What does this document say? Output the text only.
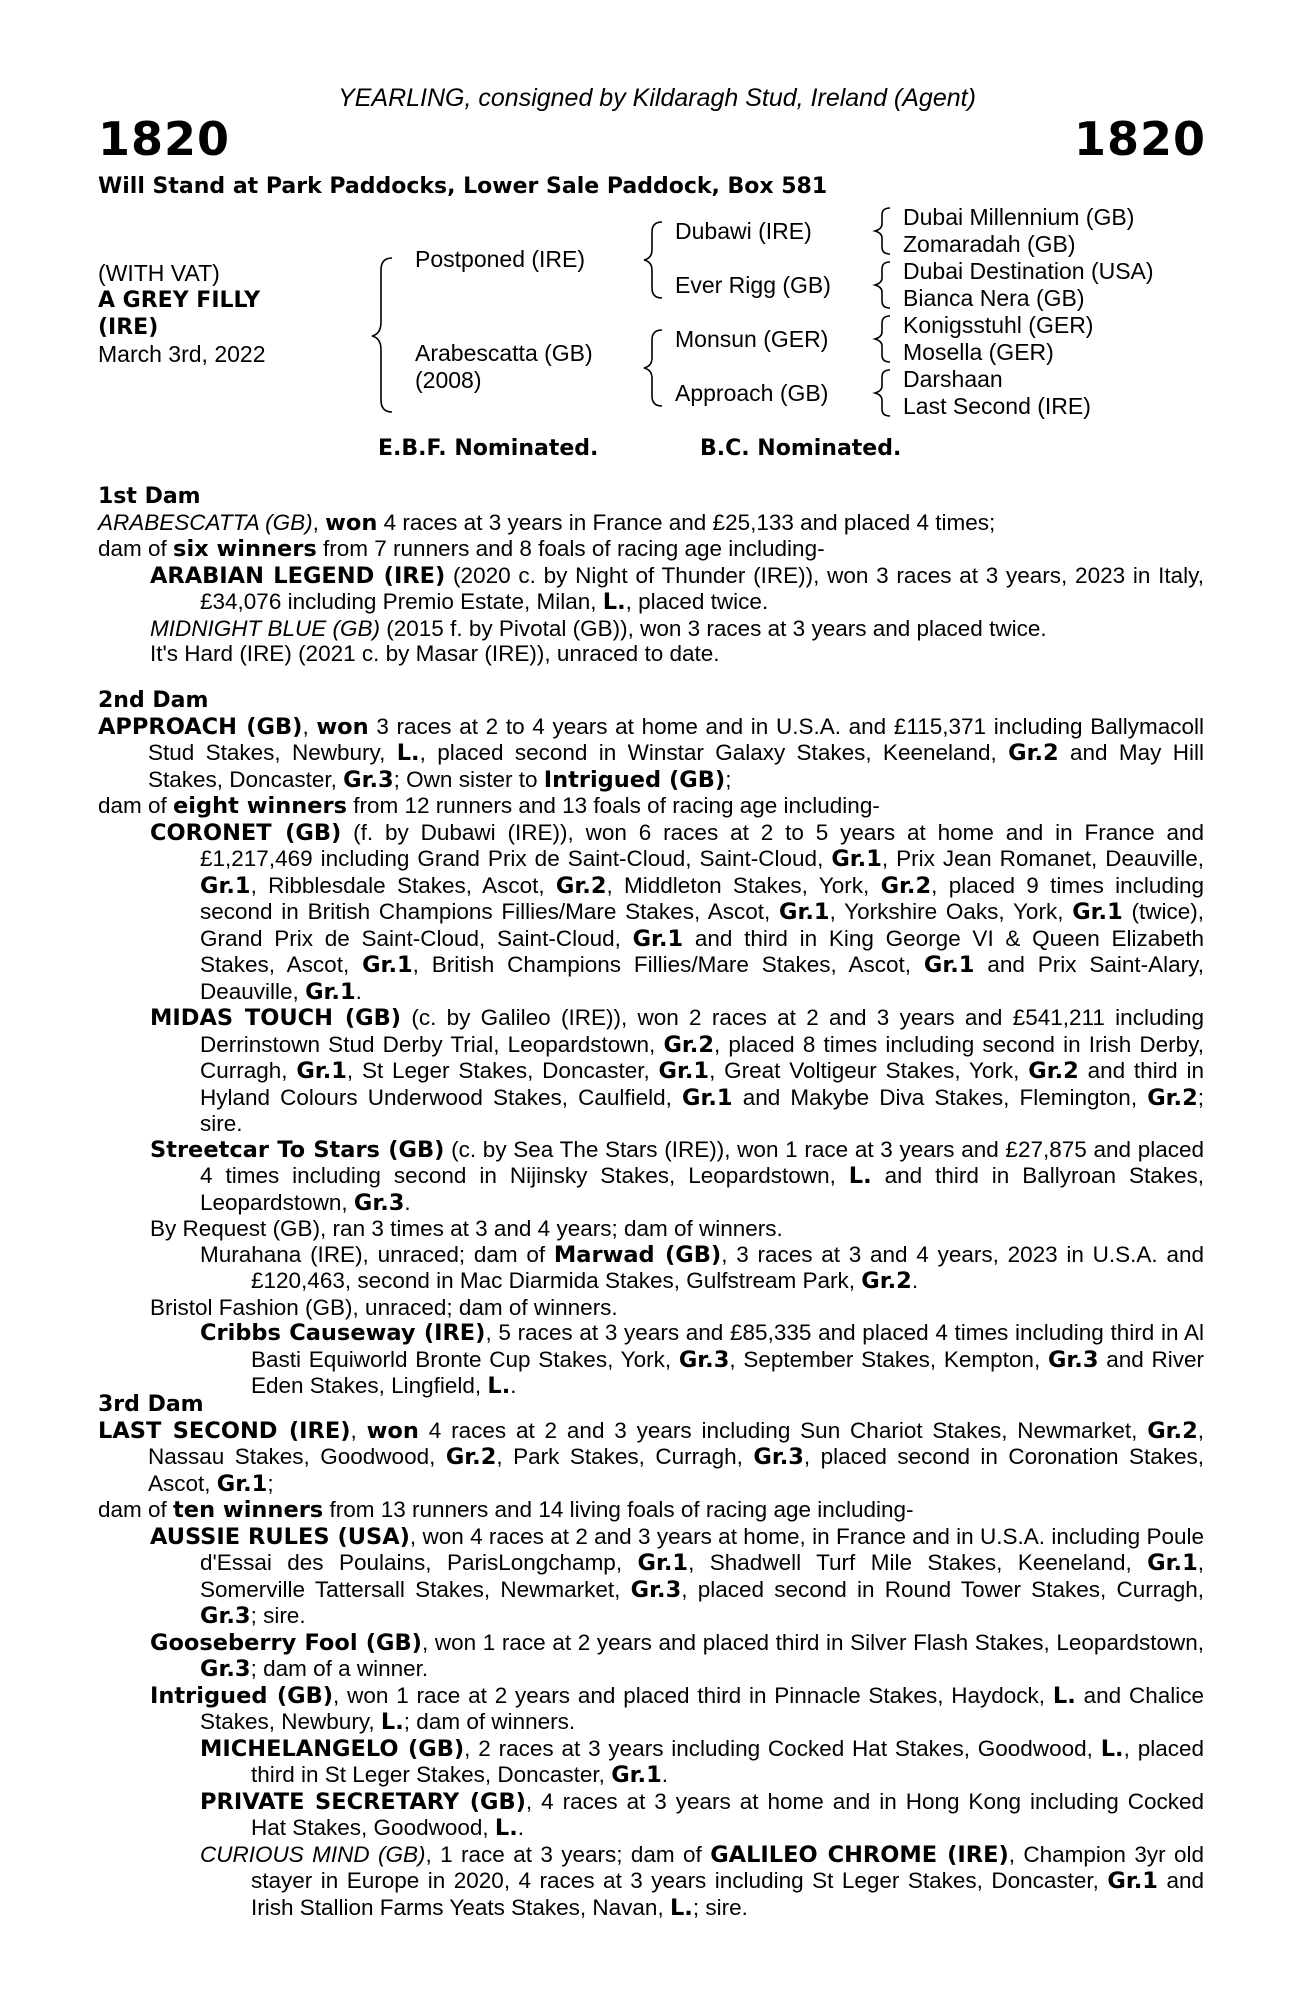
YEARLING, consigned by Kildaragh Stud, Ireland (Agent)
1820	1820
Will Stand at Park Paddocks, Lower Sale Paddock, Box 581
(WITH VAT)
A GREY FILLY
(IRE)
March 3rd, 2022
Postponed (IRE)
Arabescatta (GB)
(2008)
Dubawi (IRE)
Ever Rigg (GB)
Monsun (GER)
Approach (GB)
Dubai Millennium (GB)
Zomaradah (GB)
Dubai Destination (USA)
Bianca Nera (GB)
Konigsstuhl (GER)
Mosella (GER)
Darshaan
Last Second (IRE)
E.B.F. Nominated.	B.C. Nominated.

1st Dam

ARABESCATTA (GB), won 4 races at 3 years in France and £25,133 and placed 4 times;

dam of six winners from 7 runners and 8 foals of racing age including-

ARABIAN LEGEND (IRE) (2020 c. by Night of Thunder (IRE)), won 3 races at 3 years, 2023 in Italy, £34,076 including Premio Estate, Milan, L., placed twice.

MIDNIGHT BLUE (GB) (2015 f. by Pivotal (GB)), won 3 races at 3 years and placed twice.

It's Hard (IRE) (2021 c. by Masar (IRE)), unraced to date.

2nd Dam

APPROACH (GB), won 3 races at 2 to 4 years at home and in U.S.A. and £115,371 including Ballymacoll Stud Stakes, Newbury, L., placed second in Winstar Galaxy Stakes, Keeneland, Gr.2 and May Hill Stakes, Doncaster, Gr.3; Own sister to Intrigued (GB);

dam of eight winners from 12 runners and 13 foals of racing age including-

CORONET (GB) (f. by Dubawi (IRE)), won 6 races at 2 to 5 years at home and in France and £1,217,469 including Grand Prix de Saint-Cloud, Saint-Cloud, Gr.1, Prix Jean Romanet, Deauville, Gr.1, Ribblesdale Stakes, Ascot, Gr.2, Middleton Stakes, York, Gr.2, placed 9 times including second in British Champions Fillies/Mare Stakes, Ascot, Gr.1, Yorkshire Oaks, York, Gr.1 (twice), Grand Prix de Saint-Cloud, Saint-Cloud, Gr.1 and third in King George VI & Queen Elizabeth Stakes, Ascot, Gr.1, British Champions Fillies/Mare Stakes, Ascot, Gr.1 and Prix Saint-Alary, Deauville, Gr.1.

MIDAS TOUCH (GB) (c. by Galileo (IRE)), won 2 races at 2 and 3 years and £541,211 including Derrinstown Stud Derby Trial, Leopardstown, Gr.2, placed 8 times including second in Irish Derby, Curragh, Gr.1, St Leger Stakes, Doncaster, Gr.1, Great Voltigeur Stakes, York, Gr.2 and third in Hyland Colours Underwood Stakes, Caulfield, Gr.1 and Makybe Diva Stakes, Flemington, Gr.2; sire.

Streetcar To Stars (GB) (c. by Sea The Stars (IRE)), won 1 race at 3 years and £27,875 and placed 4 times including second in Nijinsky Stakes, Leopardstown, L. and third in Ballyroan Stakes, Leopardstown, Gr.3.

By Request (GB), ran 3 times at 3 and 4 years; dam of winners.

Murahana (IRE), unraced; dam of Marwad (GB), 3 races at 3 and 4 years, 2023 in U.S.A. and £120,463, second in Mac Diarmida Stakes, Gulfstream Park, Gr.2.

Bristol Fashion (GB), unraced; dam of winners.

Cribbs Causeway (IRE), 5 races at 3 years and £85,335 and placed 4 times including third in Al Basti Equiworld Bronte Cup Stakes, York, Gr.3, September Stakes, Kempton, Gr.3 and River Eden Stakes, Lingfield, L..

3rd Dam

LAST SECOND (IRE), won 4 races at 2 and 3 years including Sun Chariot Stakes, Newmarket, Gr.2, Nassau Stakes, Goodwood, Gr.2, Park Stakes, Curragh, Gr.3, placed second in Coronation Stakes, Ascot, Gr.1;

dam of ten winners from 13 runners and 14 living foals of racing age including-

AUSSIE RULES (USA), won 4 races at 2 and 3 years at home, in France and in U.S.A. including Poule d'Essai des Poulains, ParisLongchamp, Gr.1, Shadwell Turf Mile Stakes, Keeneland, Gr.1, Somerville Tattersall Stakes, Newmarket, Gr.3, placed second in Round Tower Stakes, Curragh, Gr.3; sire.

Gooseberry Fool (GB), won 1 race at 2 years and placed third in Silver Flash Stakes, Leopardstown, Gr.3; dam of a winner.

Intrigued (GB), won 1 race at 2 years and placed third in Pinnacle Stakes, Haydock, L. and Chalice Stakes, Newbury, L.; dam of winners.

MICHELANGELO (GB), 2 races at 3 years including Cocked Hat Stakes, Goodwood, L., placed third in St Leger Stakes, Doncaster, Gr.1.

PRIVATE SECRETARY (GB), 4 races at 3 years at home and in Hong Kong including Cocked Hat Stakes, Goodwood, L..

CURIOUS MIND (GB), 1 race at 3 years; dam of GALILEO CHROME (IRE), Champion 3yr old stayer in Europe in 2020, 4 races at 3 years including St Leger Stakes, Doncaster, Gr.1 and Irish Stallion Farms Yeats Stakes, Navan, L.; sire.
